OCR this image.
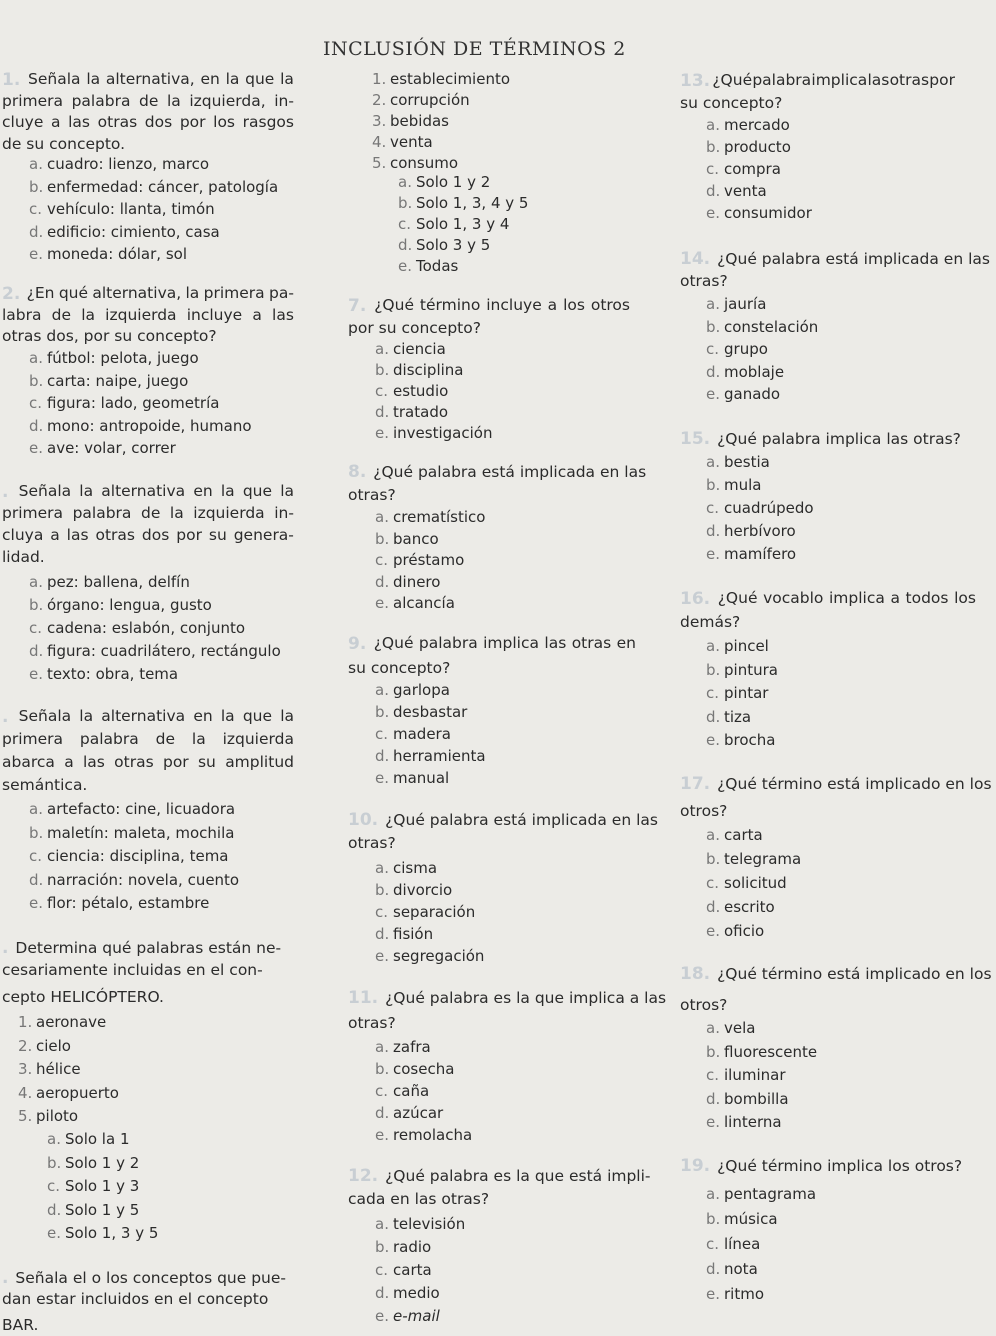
INCLUSIÓN DE TÉRMINOS 2
1. Señala la alternativa, en la que la
primera palabra de la izquierda, in-
cluye a las otras dos por los rasgos
de su concepto.
a. cuadro: lienzo, marco
b. enfermedad: cáncer, patología
c. vehículo: llanta, timón
d. edificio: cimiento, casa
e. moneda: dólar, sol
2. ¿En qué alternativa, la primera pa-
labra de la izquierda incluye a las
otras dos, por su concepto?
a. fútbol: pelota, juego
b. carta: naipe, juego
c. figura: lado, geometría
d. mono: antropoide, humano
e. ave: volar, correr
. Señala la alternativa en la que la
primera palabra de la izquierda in-
cluya a las otras dos por su genera-
lidad.
a. pez: ballena, delfín
b. órgano: lengua, gusto
c. cadena: eslabón, conjunto
d. figura: cuadrilátero, rectángulo
e. texto: obra, tema
. Señala la alternativa en la que la
primera palabra de la izquierda
abarca a las otras por su amplitud
semántica.
a. artefacto: cine, licuadora
b. maletín: maleta, mochila
c. ciencia: disciplina, tema
d. narración: novela, cuento
e. flor: pétalo, estambre
. Determina qué palabras están ne-
cesariamente incluidas en el con-
cepto HELICÓPTERO.
1. aeronave
2. cielo
3. hélice
4. aeropuerto
5. piloto
a. Solo la 1
b. Solo 1 y 2
c. Solo 1 y 3
d. Solo 1 y 5
e. Solo 1, 3 y 5
. Señala el o los conceptos que pue-
dan estar incluidos en el concepto
BAR.
1. establecimiento
2. corrupción
3. bebidas
4. venta
5. consumo
a. Solo 1 y 2
b. Solo 1, 3, 4 y 5
c. Solo 1, 3 y 4
d. Solo 3 y 5
e. Todas
7. ¿Qué término incluye a los otros
por su concepto?
a. ciencia
b. disciplina
c. estudio
d. tratado
e. investigación
8. ¿Qué palabra está implicada en las
otras?
a. crematístico
b. banco
c. préstamo
d. dinero
e. alcancía
9. ¿Qué palabra implica las otras en
su concepto?
a. garlopa
b. desbastar
c. madera
d. herramienta
e. manual
10. ¿Qué palabra está implicada en las
otras?
a. cisma
b. divorcio
c. separación
d. fisión
e. segregación
11. ¿Qué palabra es la que implica a las
otras?
a. zafra
b. cosecha
c. caña
d. azúcar
e. remolacha
12. ¿Qué palabra es la que está impli-
cada en las otras?
a. televisión
b. radio
c. carta
d. medio
e. e-mail
13. ¿Qué palabra implica las otras por
su concepto?
a. mercado
b. producto
c. compra
d. venta
e. consumidor
14. ¿Qué palabra está implicada en las
otras?
a. jauría
b. constelación
c. grupo
d. moblaje
e. ganado
15. ¿Qué palabra implica las otras?
a. bestia
b. mula
c. cuadrúpedo
d. herbívoro
e. mamífero
16. ¿Qué vocablo implica a todos los
demás?
a. pincel
b. pintura
c. pintar
d. tiza
e. brocha
17. ¿Qué término está implicado en los
otros?
a. carta
b. telegrama
c. solicitud
d. escrito
e. oficio
18. ¿Qué término está implicado en los
otros?
a. vela
b. fluorescente
c. iluminar
d. bombilla
e. linterna
19. ¿Qué término implica los otros?
a. pentagrama
b. música
c. línea
d. nota
e. ritmo
